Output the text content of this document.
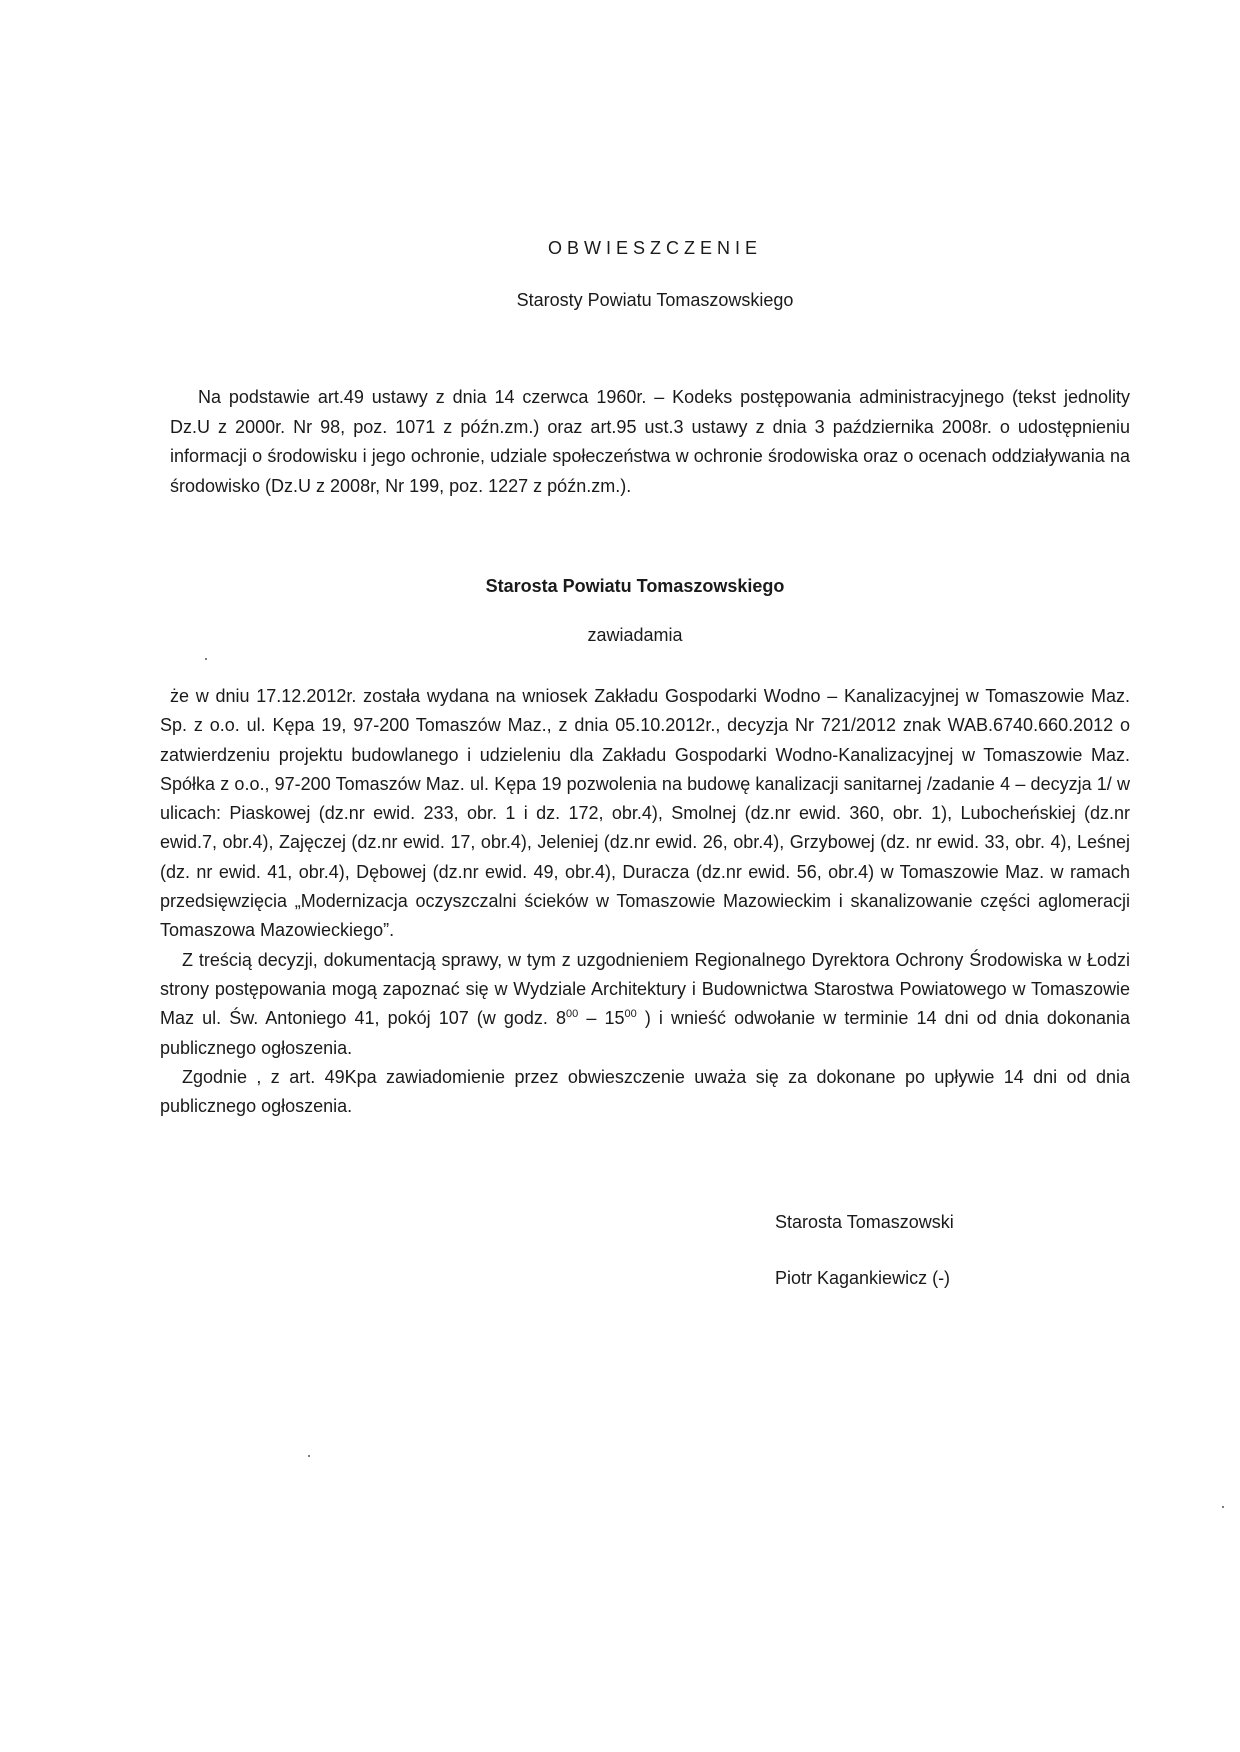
OBWIESZCZENIE
Starosty Powiatu Tomaszowskiego

Na podstawie art.49 ustawy z dnia 14 czerwca 1960r. – Kodeks postępowania administracyjnego (tekst jednolity Dz.U z 2000r. Nr 98, poz. 1071 z późn.zm.) oraz art.95 ust.3 ustawy z dnia 3 października 2008r. o udostępnieniu informacji o środowisku i jego ochronie, udziale społeczeństwa w ochronie środowiska oraz o ocenach oddziaływania na środowisko (Dz.U z 2008r, Nr 199, poz. 1227 z późn.zm.).

Starosta Powiatu Tomaszowskiego
zawiadamia

że w dniu 17.12.2012r. została wydana na wniosek Zakładu Gospodarki Wodno – Kanalizacyjnej w Tomaszowie Maz. Sp. z o.o. ul. Kępa 19, 97-200 Tomaszów Maz., z dnia 05.10.2012r., decyzja Nr 721/2012 znak WAB.6740.660.2012 o zatwierdzeniu projektu budowlanego i udzieleniu dla Zakładu Gospodarki Wodno-Kanalizacyjnej w Tomaszowie Maz. Spółka z o.o., 97-200 Tomaszów Maz. ul. Kępa 19 pozwolenia na budowę kanalizacji sanitarnej /zadanie 4 – decyzja 1/ w ulicach: Piaskowej (dz.nr ewid. 233, obr. 1 i dz. 172, obr.4), Smolnej (dz.nr ewid. 360, obr. 1), Lubocheńskiej (dz.nr ewid.7, obr.4), Zajęczej (dz.nr ewid. 17, obr.4), Jeleniej (dz.nr ewid. 26, obr.4), Grzybowej (dz. nr ewid. 33, obr. 4), Leśnej (dz. nr ewid. 41, obr.4), Dębowej (dz.nr ewid. 49, obr.4), Duracza (dz.nr ewid. 56, obr.4) w Tomaszowie Maz. w ramach przedsięwzięcia „Modernizacja oczyszczalni ścieków w Tomaszowie Mazowieckim i skanalizowanie części aglomeracji Tomaszowa Mazowieckiego”.

Z treścią decyzji, dokumentacją sprawy, w tym z uzgodnieniem Regionalnego Dyrektora Ochrony Środowiska w Łodzi strony postępowania mogą zapoznać się w Wydziale Architektury i Budownictwa Starostwa Powiatowego w Tomaszowie Maz ul. Św. Antoniego 41, pokój 107 (w godz. $8^{00} - 15^{00}$ ) i wnieść odwołanie w terminie 14 dni od dnia dokonania publicznego ogłoszenia.

Zgodnie , z art. 49Kpa zawiadomienie przez obwieszczenie uważa się za dokonane po upływie 14 dni od dnia publicznego ogłoszenia.

Starosta Tomaszowski
Piotr Kagankiewicz (-)
